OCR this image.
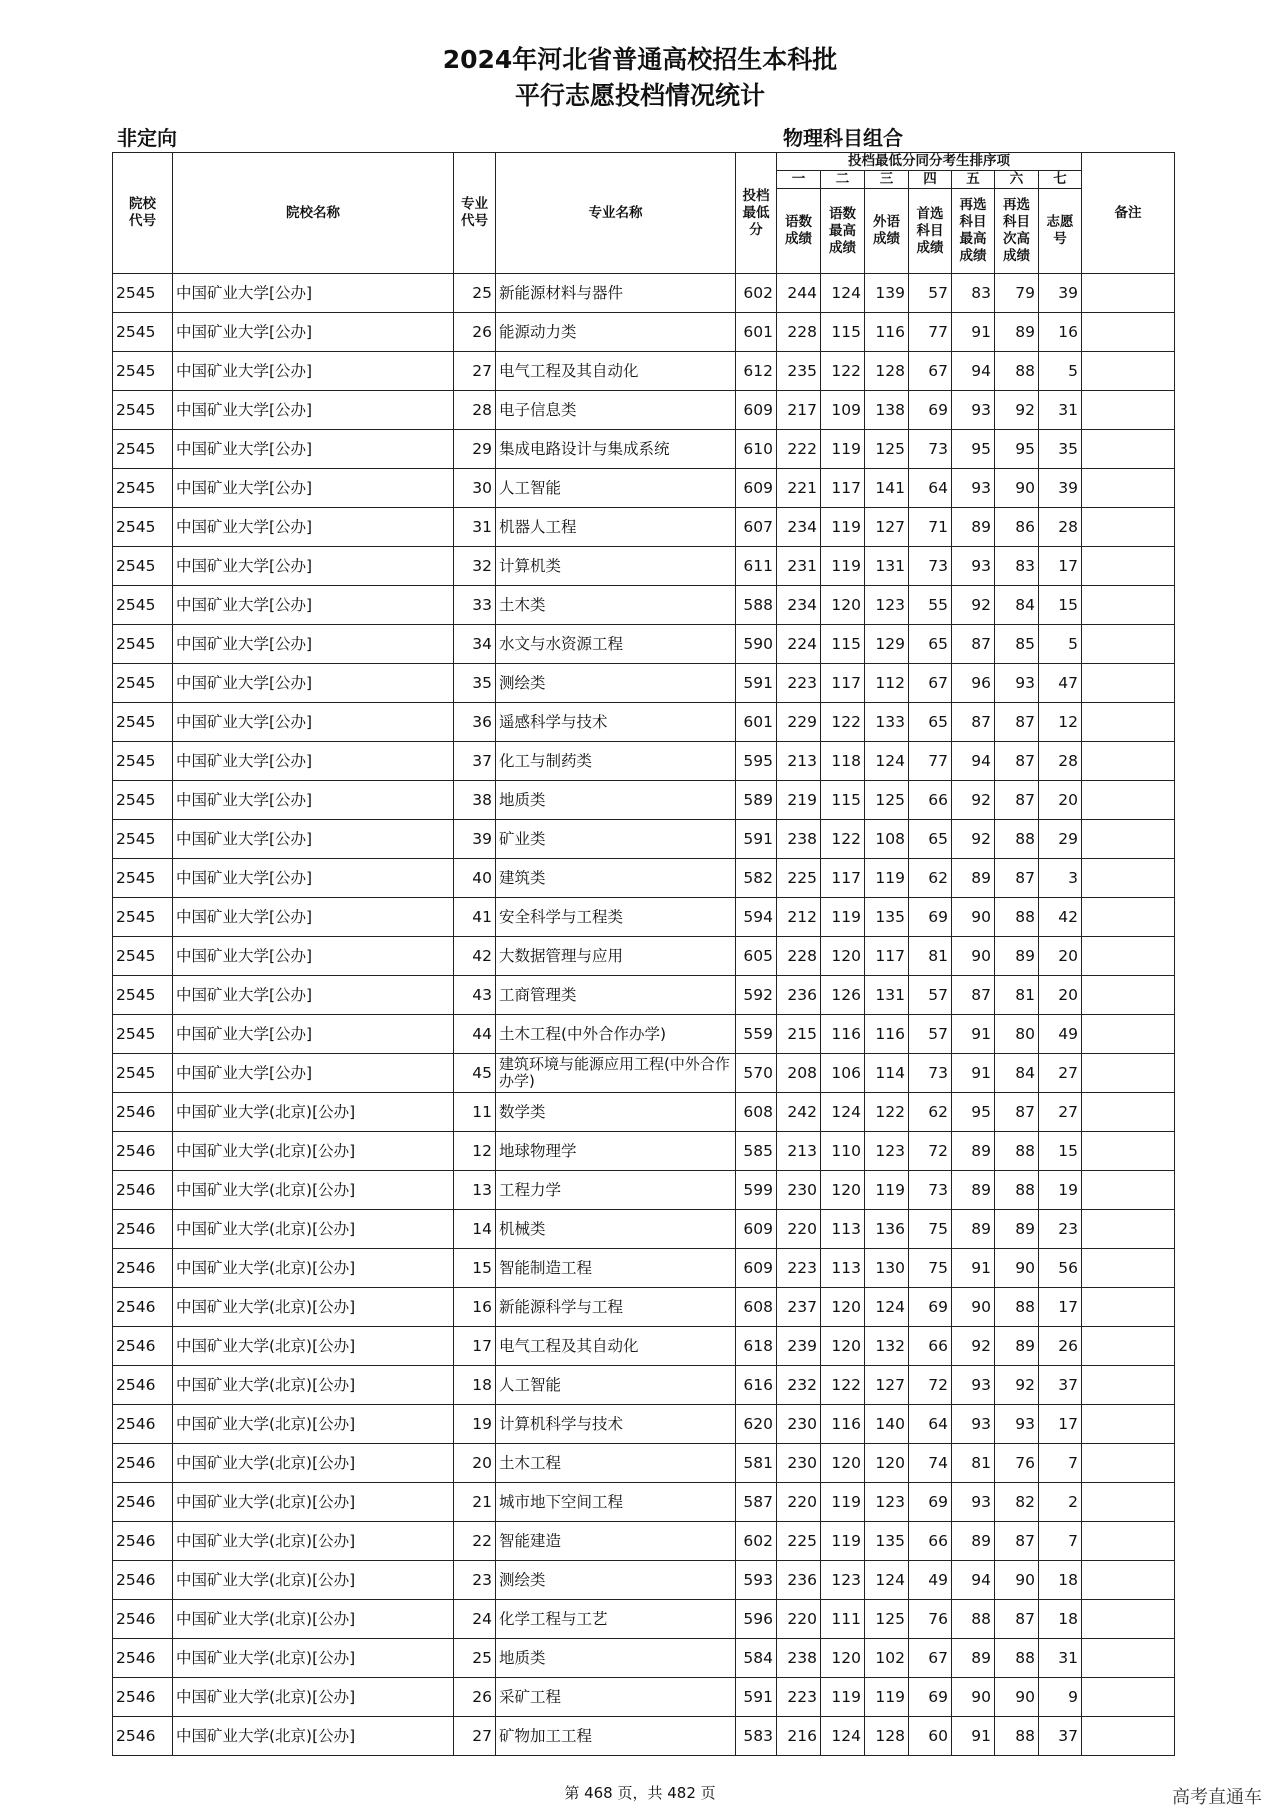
2024年河北省普通高校招生本科批
平行志愿投档情况统计
非定向	物理科目组合
院校代号	院校名称	专业代号	专业名称	投档最低分	投档最低分同分考生排序项							备注
					一	二	三	四	五	六	七	
					语数成绩	语数最高成绩	外语成绩	首选科目成绩	再选科目最高成绩	再选科目次高成绩	志愿号	
2545	中国矿业大学[公办]	25	新能源材料与器件	602	244	124	139	57	83	79	39	
2545	中国矿业大学[公办]	26	能源动力类	601	228	115	116	77	91	89	16	
2545	中国矿业大学[公办]	27	电气工程及其自动化	612	235	122	128	67	94	88	5	
2545	中国矿业大学[公办]	28	电子信息类	609	217	109	138	69	93	92	31	
2545	中国矿业大学[公办]	29	集成电路设计与集成系统	610	222	119	125	73	95	95	35	
2545	中国矿业大学[公办]	30	人工智能	609	221	117	141	64	93	90	39	
2545	中国矿业大学[公办]	31	机器人工程	607	234	119	127	71	89	86	28	
2545	中国矿业大学[公办]	32	计算机类	611	231	119	131	73	93	83	17	
2545	中国矿业大学[公办]	33	土木类	588	234	120	123	55	92	84	15	
2545	中国矿业大学[公办]	34	水文与水资源工程	590	224	115	129	65	87	85	5	
2545	中国矿业大学[公办]	35	测绘类	591	223	117	112	67	96	93	47	
2545	中国矿业大学[公办]	36	遥感科学与技术	601	229	122	133	65	87	87	12	
2545	中国矿业大学[公办]	37	化工与制药类	595	213	118	124	77	94	87	28	
2545	中国矿业大学[公办]	38	地质类	589	219	115	125	66	92	87	20	
2545	中国矿业大学[公办]	39	矿业类	591	238	122	108	65	92	88	29	
2545	中国矿业大学[公办]	40	建筑类	582	225	117	119	62	89	87	3	
2545	中国矿业大学[公办]	41	安全科学与工程类	594	212	119	135	69	90	88	42	
2545	中国矿业大学[公办]	42	大数据管理与应用	605	228	120	117	81	90	89	20	
2545	中国矿业大学[公办]	43	工商管理类	592	236	126	131	57	87	81	20	
2545	中国矿业大学[公办]	44	土木工程(中外合作办学)	559	215	116	116	57	91	80	49	
2545	中国矿业大学[公办]	45	建筑环境与能源应用工程(中外合作办学)	570	208	106	114	73	91	84	27	
2546	中国矿业大学(北京)[公办]	11	数学类	608	242	124	122	62	95	87	27	
2546	中国矿业大学(北京)[公办]	12	地球物理学	585	213	110	123	72	89	88	15	
2546	中国矿业大学(北京)[公办]	13	工程力学	599	230	120	119	73	89	88	19	
2546	中国矿业大学(北京)[公办]	14	机械类	609	220	113	136	75	89	89	23	
2546	中国矿业大学(北京)[公办]	15	智能制造工程	609	223	113	130	75	91	90	56	
2546	中国矿业大学(北京)[公办]	16	新能源科学与工程	608	237	120	124	69	90	88	17	
2546	中国矿业大学(北京)[公办]	17	电气工程及其自动化	618	239	120	132	66	92	89	26	
2546	中国矿业大学(北京)[公办]	18	人工智能	616	232	122	127	72	93	92	37	
2546	中国矿业大学(北京)[公办]	19	计算机科学与技术	620	230	116	140	64	93	93	17	
2546	中国矿业大学(北京)[公办]	20	土木工程	581	230	120	120	74	81	76	7	
2546	中国矿业大学(北京)[公办]	21	城市地下空间工程	587	220	119	123	69	93	82	2	
2546	中国矿业大学(北京)[公办]	22	智能建造	602	225	119	135	66	89	87	7	
2546	中国矿业大学(北京)[公办]	23	测绘类	593	236	123	124	49	94	90	18	
2546	中国矿业大学(北京)[公办]	24	化学工程与工艺	596	220	111	125	76	88	87	18	
2546	中国矿业大学(北京)[公办]	25	地质类	584	238	120	102	67	89	88	31	
2546	中国矿业大学(北京)[公办]	26	采矿工程	591	223	119	119	69	90	90	9	
2546	中国矿业大学(北京)[公办]	27	矿物加工工程	583	216	124	128	60	91	88	37	
第 468 页，共 482 页	高考直通车
